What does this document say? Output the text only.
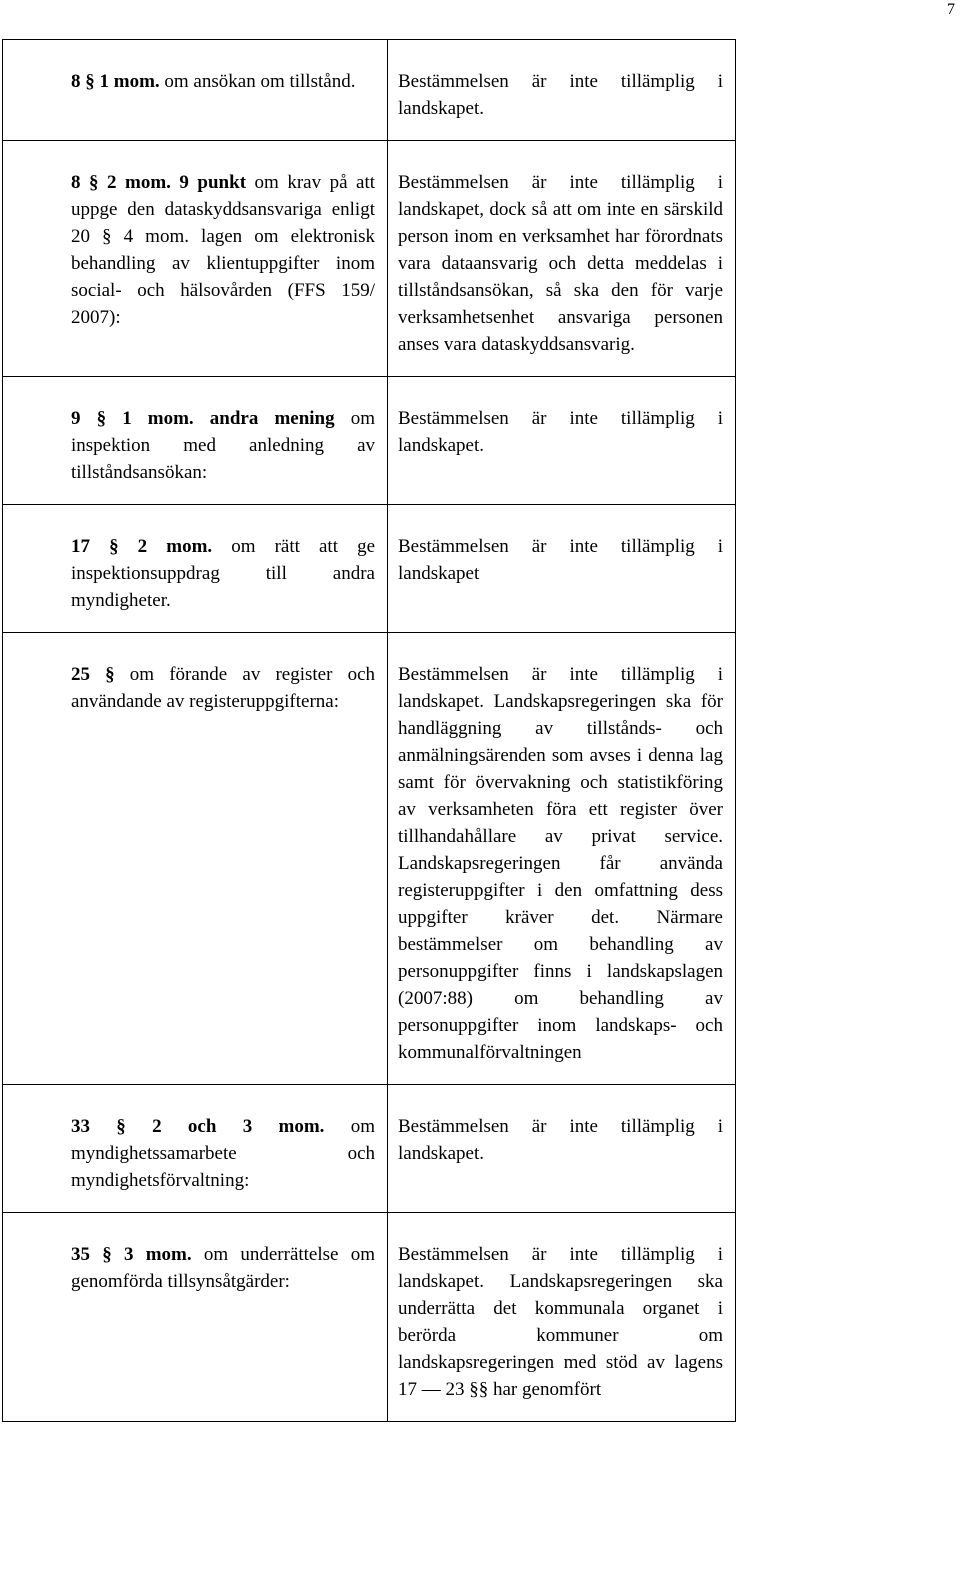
7
8 § 1 mom. om ansökan om tillstånd.	Bestämmelsen är inte tillämplig i landskapet.

8 § 2 mom. 9 punkt om krav på att uppge den dataskyddsansvariga enligt 20 § 4 mom. lagen om elektronisk behandling av klientuppgifter inom social- och hälsovården (FFS 159/ 2007):	Bestämmelsen är inte tillämplig i landskapet, dock så att om inte en särskild person inom en verksamhet har förordnats vara dataansvarig och detta meddelas i tillståndsansökan, så ska den för varje verksamhetsenhet ansvariga personen anses vara dataskyddsansvarig.

9 § 1 mom. andra mening om inspektion med anledning av tillståndsansökan:	Bestämmelsen är inte tillämplig i landskapet.

17 § 2 mom. om rätt att ge inspektionsuppdrag till andra myndigheter.	Bestämmelsen är inte tillämplig i landskapet

25 § om förande av register och användande av registeruppgifterna:	Bestämmelsen är inte tillämplig i landskapet. Landskapsregeringen ska för handläggning av tillstånds- och anmälningsärenden som avses i denna lag samt för övervakning och statistikföring av verksamheten föra ett register över tillhandahållare av privat service. Landskapsregeringen får använda registeruppgifter i den omfattning dess uppgifter kräver det. Närmare bestämmelser om behandling av personuppgifter finns i landskapslagen (2007:88) om behandling av personuppgifter inom landskaps- och kommunalförvaltningen

33 § 2 och 3 mom. om myndighetssamarbete och myndighetsförvaltning:	Bestämmelsen är inte tillämplig i landskapet.

35 § 3 mom. om underrättelse om genomförda tillsynsåtgärder:	Bestämmelsen är inte tillämplig i landskapet. Landskapsregeringen ska underrätta det kommunala organet i berörda kommuner om landskapsregeringen med stöd av lagens 17 — 23 §§ har genomfört
